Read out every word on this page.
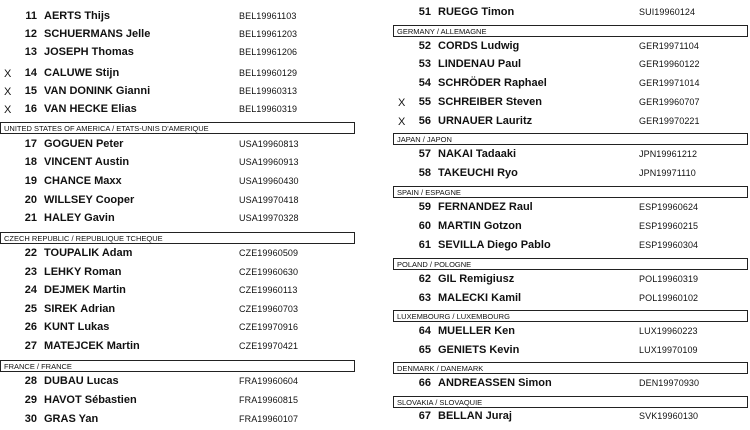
11 AERTS Thijs	BEL19961103
12 SCHUERMANS Jelle	BEL19961203
13 JOSEPH Thomas	BEL19961206
X	14 CALUWE Stijn	BEL19960129
X	15 VAN DONINK Gianni	BEL19960313
X	16 VAN HECKE Elias	BEL19960319
UNITED STATES OF AMERICA / ETATS-UNIS D'AMERIQUE
17 GOGUEN Peter	USA19960813
18 VINCENT Austin	USA19960913
19 CHANCE Maxx	USA19960430
20 WILLSEY Cooper	USA19970418
21 HALEY Gavin	USA19970328
CZECH REPUBLIC / REPUBLIQUE TCHEQUE
22 TOUPALIK Adam	CZE19960509
23 LEHKY Roman	CZE19960630
24 DEJMEK Martin	CZE19960113
25 SIREK Adrian	CZE19960703
26 KUNT Lukas	CZE19970916
27 MATEJCEK Martin	CZE19970421
FRANCE / FRANCE
28 DUBAU Lucas	FRA19960604
29 HAVOT Sébastien	FRA19960815
30 GRAS Yan	FRA19960107
51 RUEGG Timon	SUI19960124
GERMANY / ALLEMAGNE
52 CORDS Ludwig	GER19971104
53 LINDENAU Paul	GER19960122
54 SCHRÖDER Raphael	GER19971014
X	55 SCHREIBER Steven	GER19960707
X	56 URNAUER Lauritz	GER19970221
JAPAN / JAPON
57 NAKAI Tadaaki	JPN19961212
58 TAKEUCHI Ryo	JPN19971110
SPAIN / ESPAGNE
59 FERNANDEZ Raul	ESP19960624
60 MARTIN Gotzon	ESP19960215
61 SEVILLA Diego Pablo	ESP19960304
POLAND / POLOGNE
62 GIL Remigiusz	POL19960319
63 MALECKI Kamil	POL19960102
LUXEMBOURG / LUXEMBOURG
64 MUELLER Ken	LUX19960223
65 GENIETS Kevin	LUX19970109
DENMARK / DANEMARK
66 ANDREASSEN Simon	DEN19970930
SLOVAKIA / SLOVAQUIE
67 BELLAN Juraj	SVK19960130
